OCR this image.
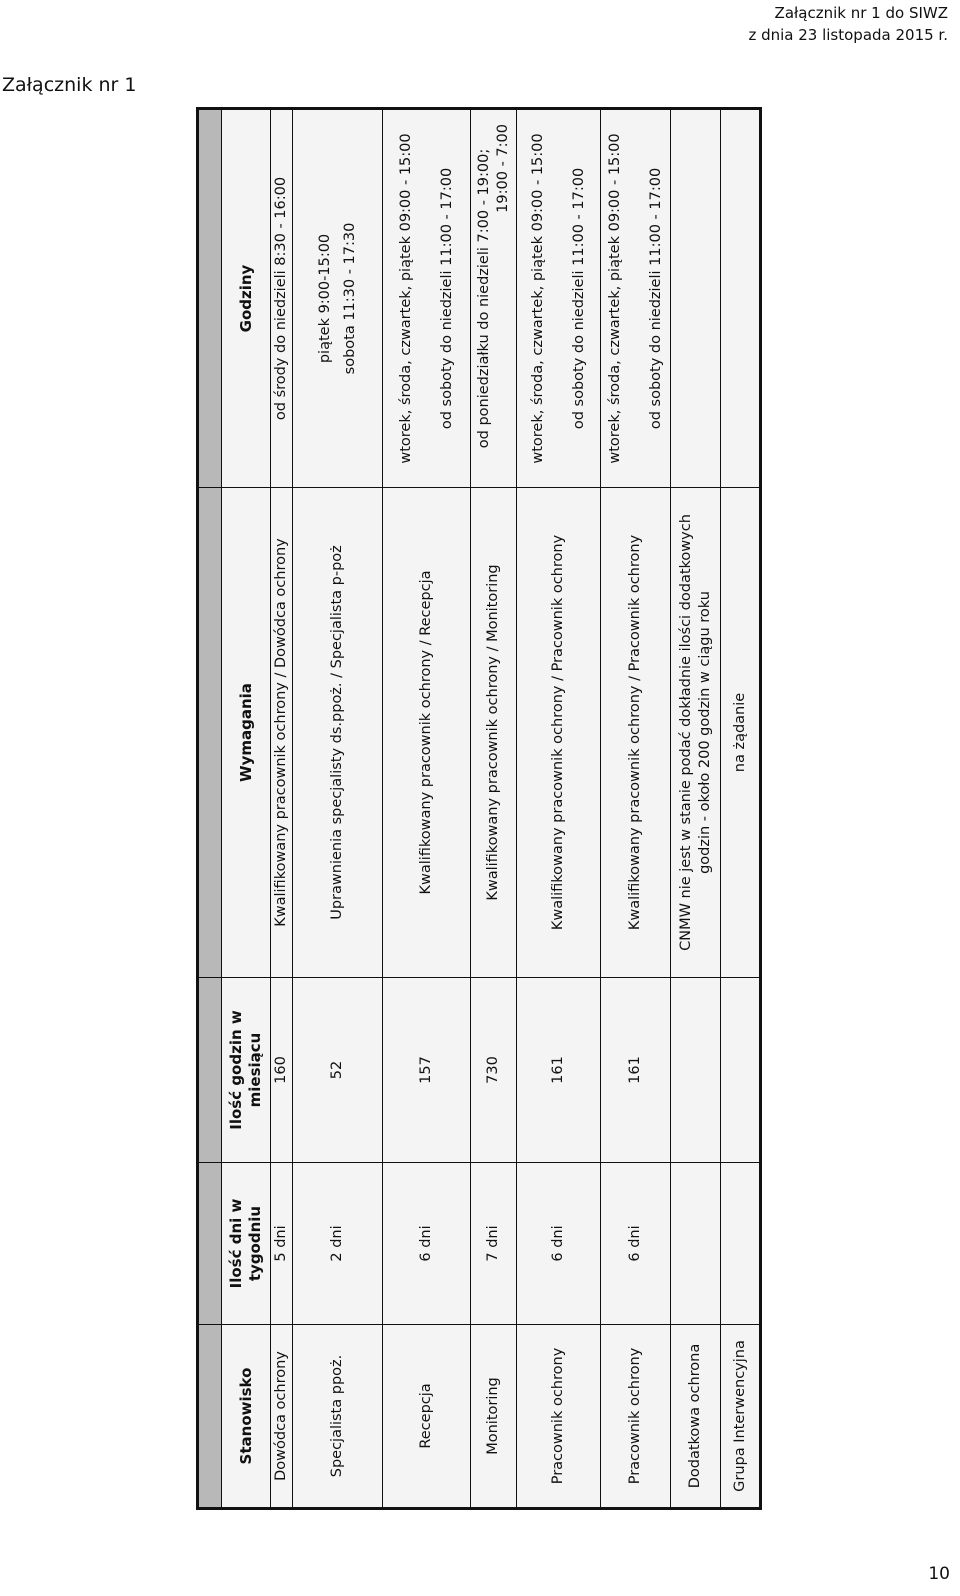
Załącznik nr 1 do SIWZ
z dnia 23 listopada 2015 r.
Załącznik nr 1

Stanowisko	Ilość dni w tygodniu	Ilość godzin w miesiącu	Wymagania	Godziny
Dowódca ochrony	5 dni	160	Kwalifikowany pracownik ochrony / Dowódca ochrony	od środy do niedzieli 8:30 - 16:00

Specjalista ppoż.	2 dni	52	Uprawnienia specjalisty ds.ppoż. / Specjalista p-poż	piątek 9:00-15:00 sobota 11:30 - 17:30

Recepcja	6 dni	157	Kwalifikowany pracownik ochrony / Recepcja	wtorek, środa, czwartek, piątek 09:00 - 15:00 od soboty do niedzieli 11:00 - 17:00

Monitoring	7 dni	730	Kwalifikowany pracownik ochrony / Monitoring	od poniedziałku do niedzieli 7:00 - 19:00; 19:00 - 7:00

Pracownik ochrony	6 dni	161	Kwalifikowany pracownik ochrony / Pracownik ochrony	wtorek, środa, czwartek, piątek 09:00 - 15:00 od soboty do niedzieli 11:00 - 17:00

Pracownik ochrony	6 dni	161	Kwalifikowany pracownik ochrony / Pracownik ochrony	wtorek, środa, czwartek, piątek 09:00 - 15:00 od soboty do niedzieli 11:00 - 17:00

Dodatkowa ochrona			CNMW nie jest w stanie podać dokładnie ilości dodatkowych godzin - około 200 godzin w ciągu roku	
Grupa Interwencyjna			na żądanie	
10
